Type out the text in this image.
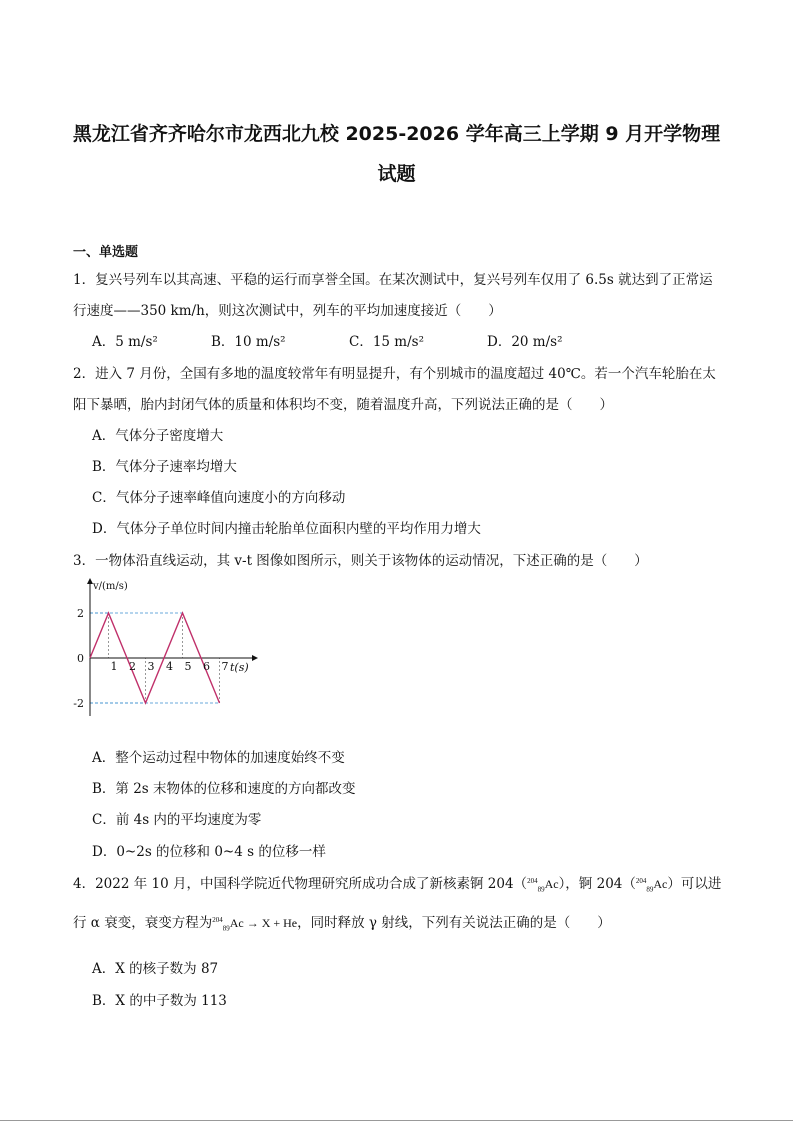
黑龙江省齐齐哈尔市龙西北九校 2025-2026 学年高三上学期 9 月开学物理
试题
一、单选题
1．复兴号列车以其高速、平稳的运行而享誉全国。在某次测试中，复兴号列车仅用了 6.5s 就达到了正常运
行速度——350 km/h，则这次测试中，列车的平均加速度接近（　　）
A．5 m/s²	B．10 m/s²	C．15 m/s²	D．20 m/s²
2．进入 7 月份，全国有多地的温度较常年有明显提升，有个别城市的温度超过 40℃。若一个汽车轮胎在太
阳下暴晒，胎内封闭气体的质量和体积均不变，随着温度升高，下列说法正确的是（　　）
A．气体分子密度增大
B．气体分子速率均增大
C．气体分子速率峰值向速度小的方向移动
D．气体分子单位时间内撞击轮胎单位面积内壁的平均作用力增大
3．一物体沿直线运动，其 v-t 图像如图所示，则关于该物体的运动情况，下述正确的是（　　）
1 2 3 4 5 6 7
2
0
-2
v/(m/s)
t(s)
A．整个运动过程中物体的加速度始终不变
B．第 2s 末物体的位移和速度的方向都改变
C．前 4s 内的平均速度为零
D．0~2s 的位移和 0~4 s 的位移一样
4．2022 年 10 月，中国科学院近代物理研究所成功合成了新核素锕 204（$^{204}_{89}$Ac），锕 204（$^{204}_{89}$Ac）可以进
行 α 衰变，衰变方程为$^{204}_{89}$Ac → X + He，同时释放 γ 射线，下列有关说法正确的是（　　）
A．X 的核子数为 87
B．X 的中子数为 113
